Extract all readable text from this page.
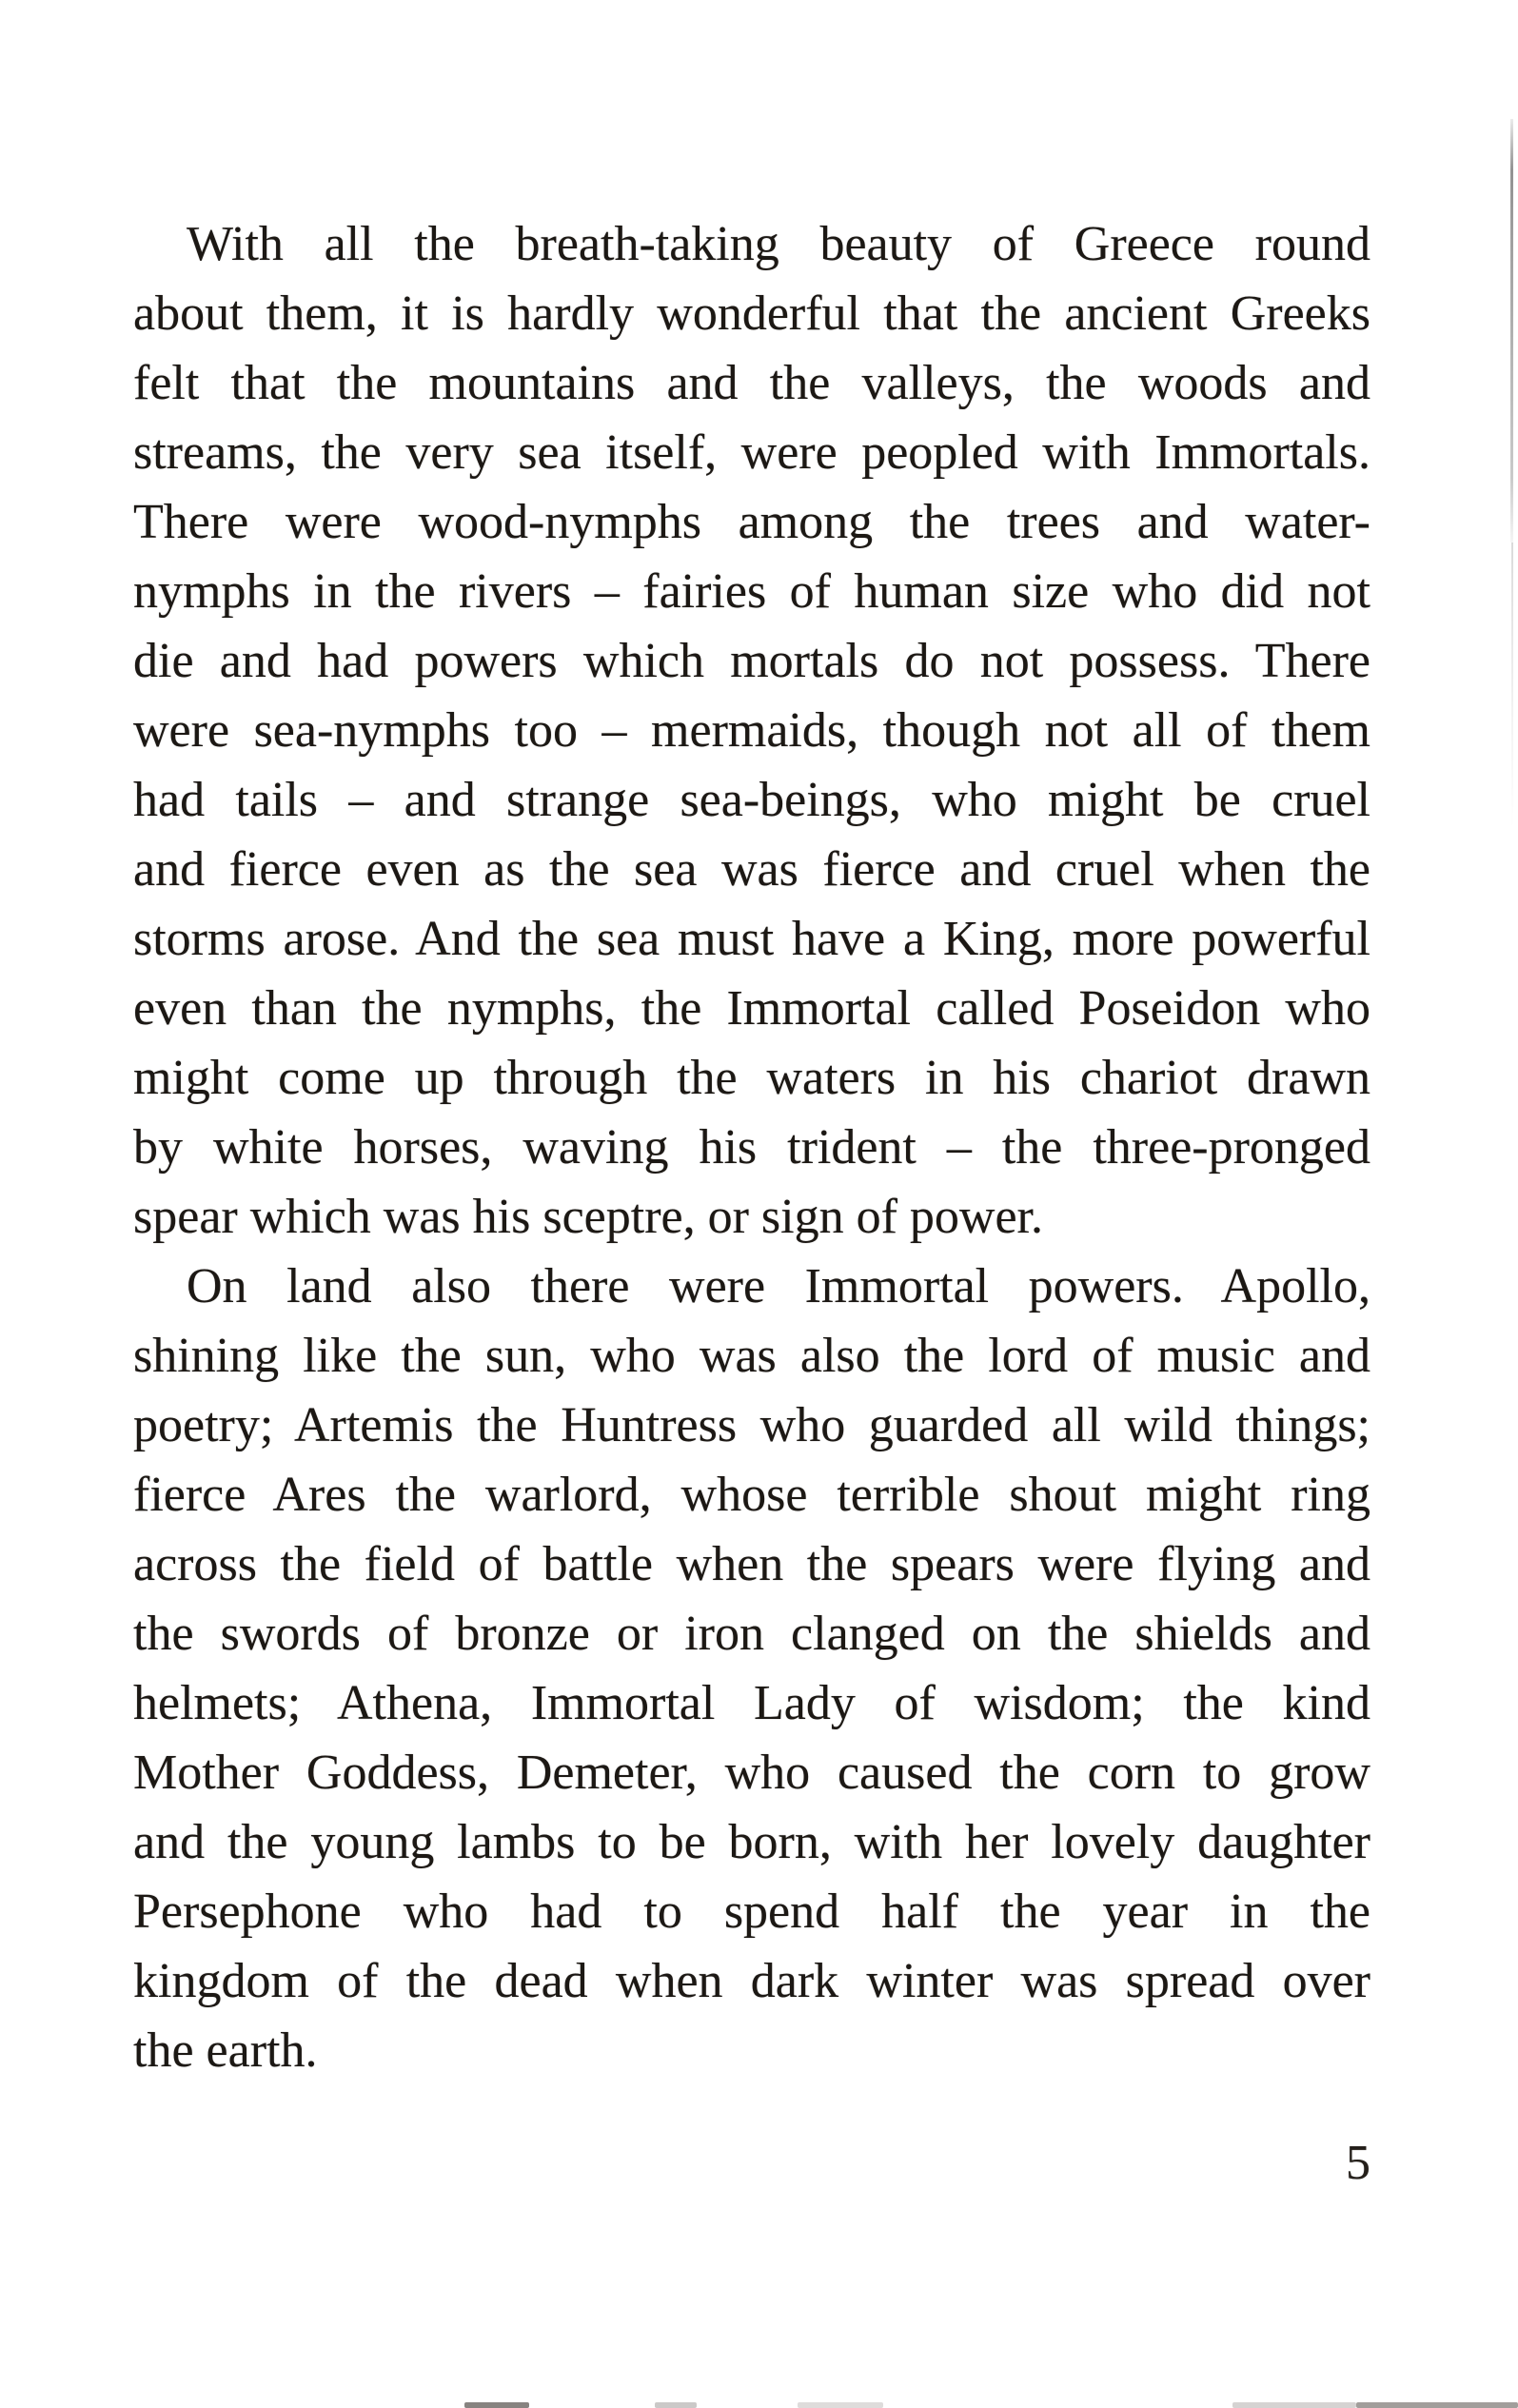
With all the breath-taking beauty of Greece round
about them, it is hardly wonderful that the ancient Greeks
felt that the mountains and the valleys, the woods and
streams, the very sea itself, were peopled with Immortals.
There were wood-nymphs among the trees and water-
nymphs in the rivers – fairies of human size who did not
die and had powers which mortals do not possess. There
were sea-nymphs too – mermaids, though not all of them
had tails – and strange sea-beings, who might be cruel
and fierce even as the sea was fierce and cruel when the
storms arose. And the sea must have a King, more powerful
even than the nymphs, the Immortal called Poseidon who
might come up through the waters in his chariot drawn
by white horses, waving his trident – the three-pronged
spear which was his sceptre, or sign of power.
On land also there were Immortal powers. Apollo,
shining like the sun, who was also the lord of music and
poetry; Artemis the Huntress who guarded all wild things;
fierce Ares the warlord, whose terrible shout might ring
across the field of battle when the spears were flying and
the swords of bronze or iron clanged on the shields and
helmets; Athena, Immortal Lady of wisdom; the kind
Mother Goddess, Demeter, who caused the corn to grow
and the young lambs to be born, with her lovely daughter
Persephone who had to spend half the year in the
kingdom of the dead when dark winter was spread over
the earth.
5
